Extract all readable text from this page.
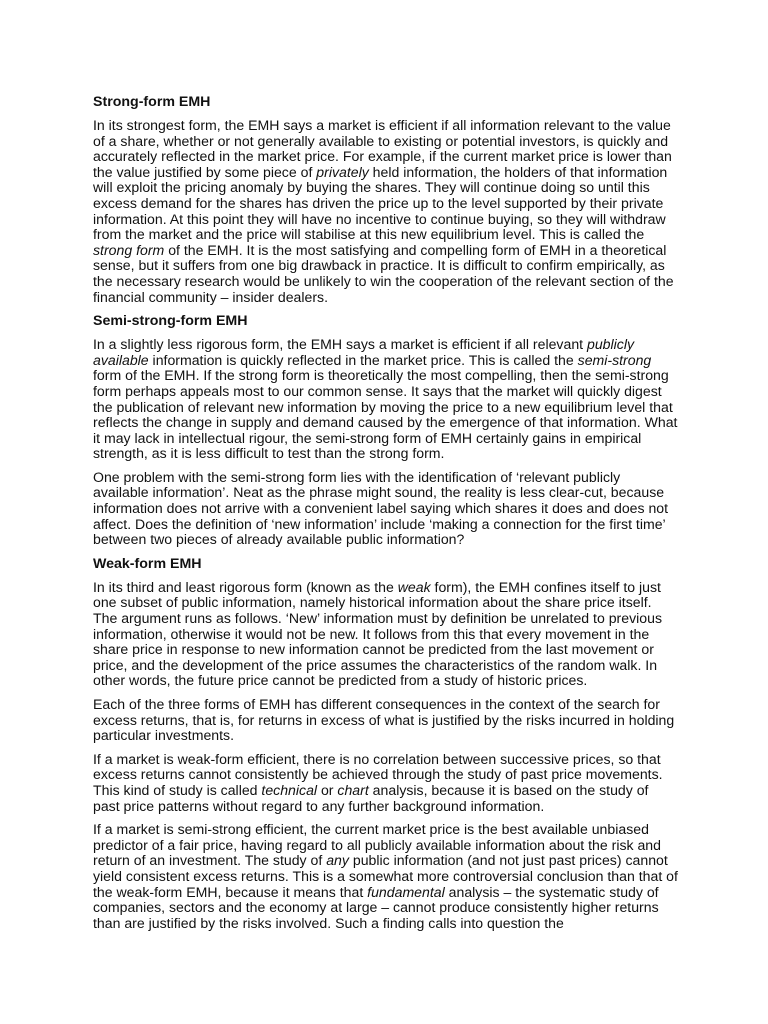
Strong-form EMH

In its strongest form, the EMH says a market is efficient if all information relevant to the value of a share, whether or not generally available to existing or potential investors, is quickly and accurately reflected in the market price. For example, if the current market price is lower than the value justified by some piece of privately held information, the holders of that information will exploit the pricing anomaly by buying the shares. They will continue doing so until this excess demand for the shares has driven the price up to the level supported by their private information. At this point they will have no incentive to continue buying, so they will withdraw from the market and the price will stabilise at this new equilibrium level. This is called the strong form of the EMH. It is the most satisfying and compelling form of EMH in a theoretical sense, but it suffers from one big drawback in practice. It is difficult to confirm empirically, as the necessary research would be unlikely to win the cooperation of the relevant section of the financial community – insider dealers.

Semi-strong-form EMH

In a slightly less rigorous form, the EMH says a market is efficient if all relevant publicly available information is quickly reflected in the market price. This is called the semi-strong form of the EMH. If the strong form is theoretically the most compelling, then the semi-strong form perhaps appeals most to our common sense. It says that the market will quickly digest the publication of relevant new information by moving the price to a new equilibrium level that reflects the change in supply and demand caused by the emergence of that information. What it may lack in intellectual rigour, the semi-strong form of EMH certainly gains in empirical strength, as it is less difficult to test than the strong form.

One problem with the semi-strong form lies with the identification of ‘relevant publicly available information’. Neat as the phrase might sound, the reality is less clear-cut, because information does not arrive with a convenient label saying which shares it does and does not affect. Does the definition of ‘new information’ include ‘making a connection for the first time’ between two pieces of already available public information?

Weak-form EMH

In its third and least rigorous form (known as the weak form), the EMH confines itself to just one subset of public information, namely historical information about the share price itself. The argument runs as follows. ‘New’ information must by definition be unrelated to previous information, otherwise it would not be new. It follows from this that every movement in the share price in response to new information cannot be predicted from the last movement or price, and the development of the price assumes the characteristics of the random walk. In other words, the future price cannot be predicted from a study of historic prices.

Each of the three forms of EMH has different consequences in the context of the search for excess returns, that is, for returns in excess of what is justified by the risks incurred in holding particular investments.

If a market is weak-form efficient, there is no correlation between successive prices, so that excess returns cannot consistently be achieved through the study of past price movements. This kind of study is called technical or chart analysis, because it is based on the study of past price patterns without regard to any further background information.

If a market is semi-strong efficient, the current market price is the best available unbiased predictor of a fair price, having regard to all publicly available information about the risk and return of an investment. The study of any public information (and not just past prices) cannot yield consistent excess returns. This is a somewhat more controversial conclusion than that of the weak-form EMH, because it means that fundamental analysis – the systematic study of companies, sectors and the economy at large – cannot produce consistently higher returns than are justified by the risks involved. Such a finding calls into question the
